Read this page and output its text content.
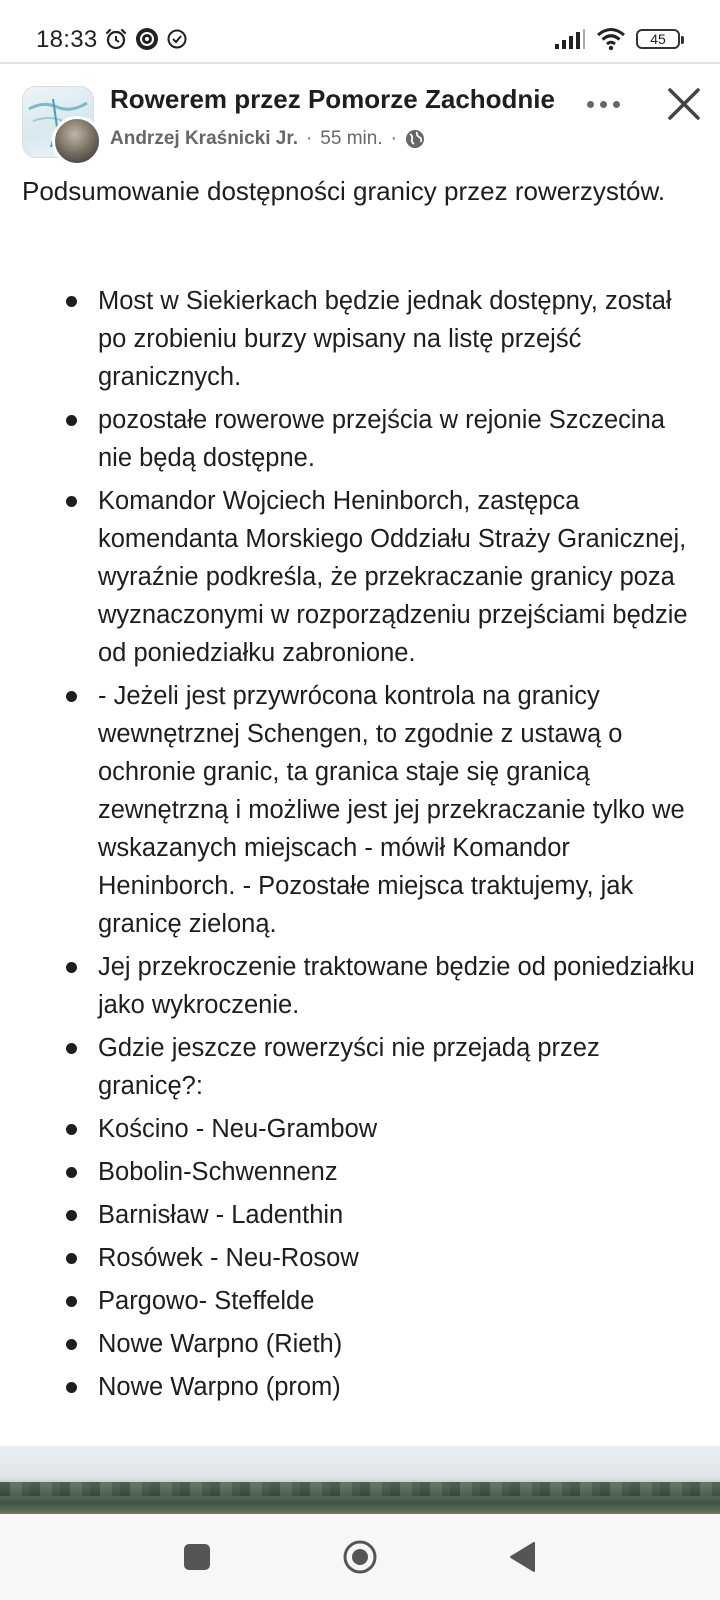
18:33	45
Rowerem przez Pomorze Zachodnie
Andrzej Kraśnicki Jr. · 55 min. ·
Podsumowanie dostępności granicy przez rowerzystów.
Most w Siekierkach będzie jednak dostępny, został po zrobieniu burzy wpisany na listę przejść granicznych.
pozostałe rowerowe przejścia w rejonie Szczecina nie będą dostępne.
Komandor Wojciech Heninborch, zastępca komendanta Morskiego Oddziału Straży Granicznej, wyraźnie podkreśla, że przekraczanie granicy poza wyznaczonymi w rozporządzeniu przejściami będzie od poniedziałku zabronione.
- Jeżeli jest przywrócona kontrola na granicy wewnętrznej Schengen, to zgodnie z ustawą o ochronie granic, ta granica staje się granicą zewnętrzną i możliwe jest jej przekraczanie tylko we wskazanych miejscach - mówił Komandor Heninborch. - Pozostałe miejsca traktujemy, jak granicę zieloną.
Jej przekroczenie traktowane będzie od poniedziałku jako wykroczenie.
Gdzie jeszcze rowerzyści nie przejadą przez granicę?:
Kościno - Neu-Grambow
Bobolin-Schwennenz
Barnisław - Ladenthin
Rosówek - Neu-Rosow
Pargowo- Steffelde
Nowe Warpno (Rieth)
Nowe Warpno (prom)
